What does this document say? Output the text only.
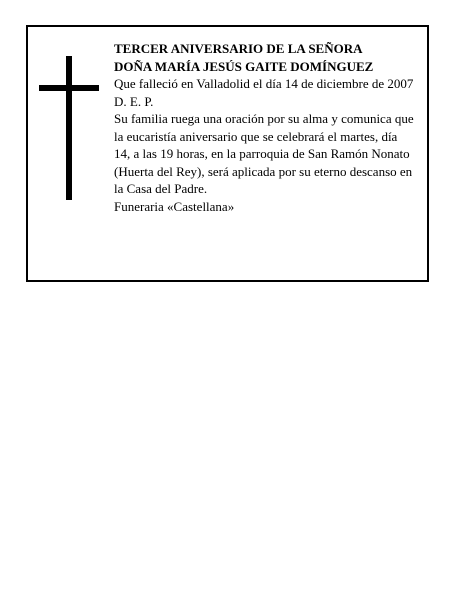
TERCER ANIVERSARIO DE LA SEÑORA

DOÑA MARÍA JESÚS GAITE DOMÍNGUEZ

Que falleció en Valladolid el día 14 de diciembre de 2007

D. E. P.

Su familia ruega una oración por su alma y comunica que la eucaristía aniversario que se celebrará el martes, día 14, a las 19 horas, en la parroquia de San Ramón Nonato (Huerta del Rey), será aplicada por su eterno descanso en la Casa del Padre.

Funeraria «Castellana»
